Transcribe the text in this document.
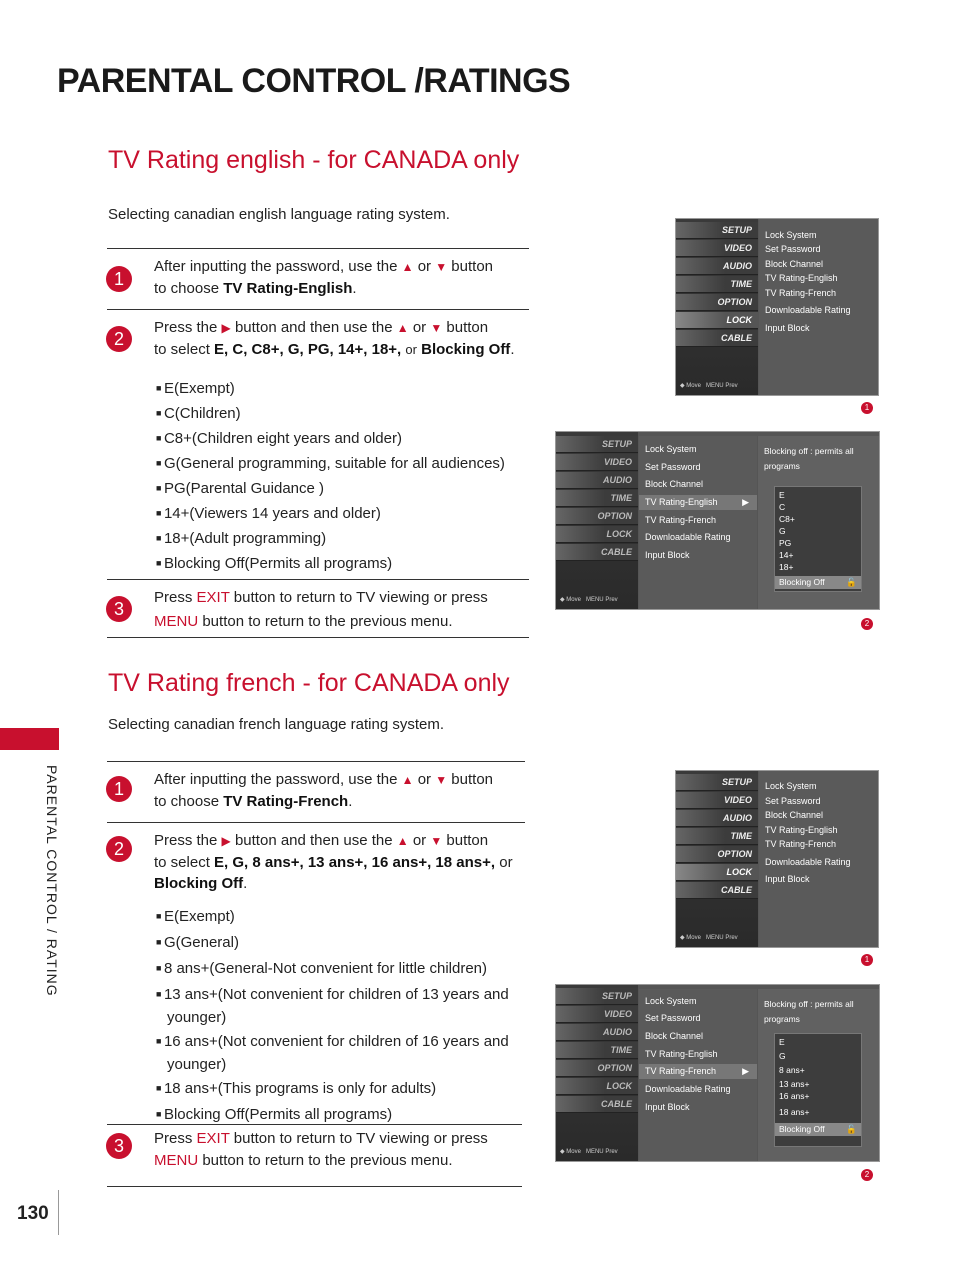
PARENTAL CONTROL /RATINGS
TV Rating english - for CANADA only
Selecting canadian english language rating system.
1
After inputting the password, use the ▲ or ▼ button
to choose TV Rating-English.
2
Press the ▶ button and then use the ▲ or ▼ button
to select E, C, C8+, G, PG, 14+, 18+, or Blocking Off.
■ E(Exempt)
■ C(Children)
■ C8+(Children eight years and older)
■ G(General programming, suitable for all audiences)
■ PG(Parental Guidance )
■ 14+(Viewers 14 years and older)
■ 18+(Adult programming)
■ Blocking Off(Permits all programs)
3
Press EXIT button to return to TV viewing or press
MENU button to return to the previous menu.
TV Rating french - for CANADA only
Selecting canadian french language rating system.
1	After inputting the password, use the ▲ or ▼ button
to choose TV Rating-French.
2	Press the ▶ button and then use the ▲ or ▼ button
to select E, G, 8 ans+, 13 ans+, 16 ans+, 18 ans+, or
Blocking Off.
■ E(Exempt)
■ G(General)
■ 8 ans+(General-Not convenient for little children)
■ 13 ans+(Not convenient for children of 13 years and younger)
■ 16 ans+(Not convenient for children of 16 years and younger)
■ 18 ans+(This programs is only for adults)
■ Blocking Off(Permits all programs)
3	Press EXIT button to return to TV viewing or press
MENU button to return to the previous menu.
PARENTAL CONTROL / RATING
130
SETUP
VIDEO
AUDIO
TIME
OPTION
LOCK
CABLE
◆ Move MENU Prev
Lock System
Set Password
Block Channel
TV Rating-English
TV Rating-French
Downloadable Rating
Input Block
1
SETUP
VIDEO
AUDIO
TIME
OPTION
LOCK
CABLE
◆ Move MENU Prev
Lock System
Set Password
Block Channel
TV Rating-English	▶
TV Rating-French
Downloadable Rating
Input Block
Blocking off : permits all programs
E
C
C8+
G
PG
14+
18+
Blocking Off	🔓
2
SETUP
VIDEO
AUDIO
TIME
OPTION
LOCK
CABLE
◆ Move MENU Prev
Lock System
Set Password
Block Channel
TV Rating-English
TV Rating-French
Downloadable Rating
Input Block
1
SETUP
VIDEO
AUDIO
TIME
OPTION
LOCK
CABLE
◆ Move MENU Prev
Lock System
Set Password
Block Channel
TV Rating-English
TV Rating-French	▶
Downloadable Rating
Input Block
Blocking off : permits all programs
E
G
8 ans+
13 ans+
16 ans+
18 ans+
Blocking Off	🔓
2
